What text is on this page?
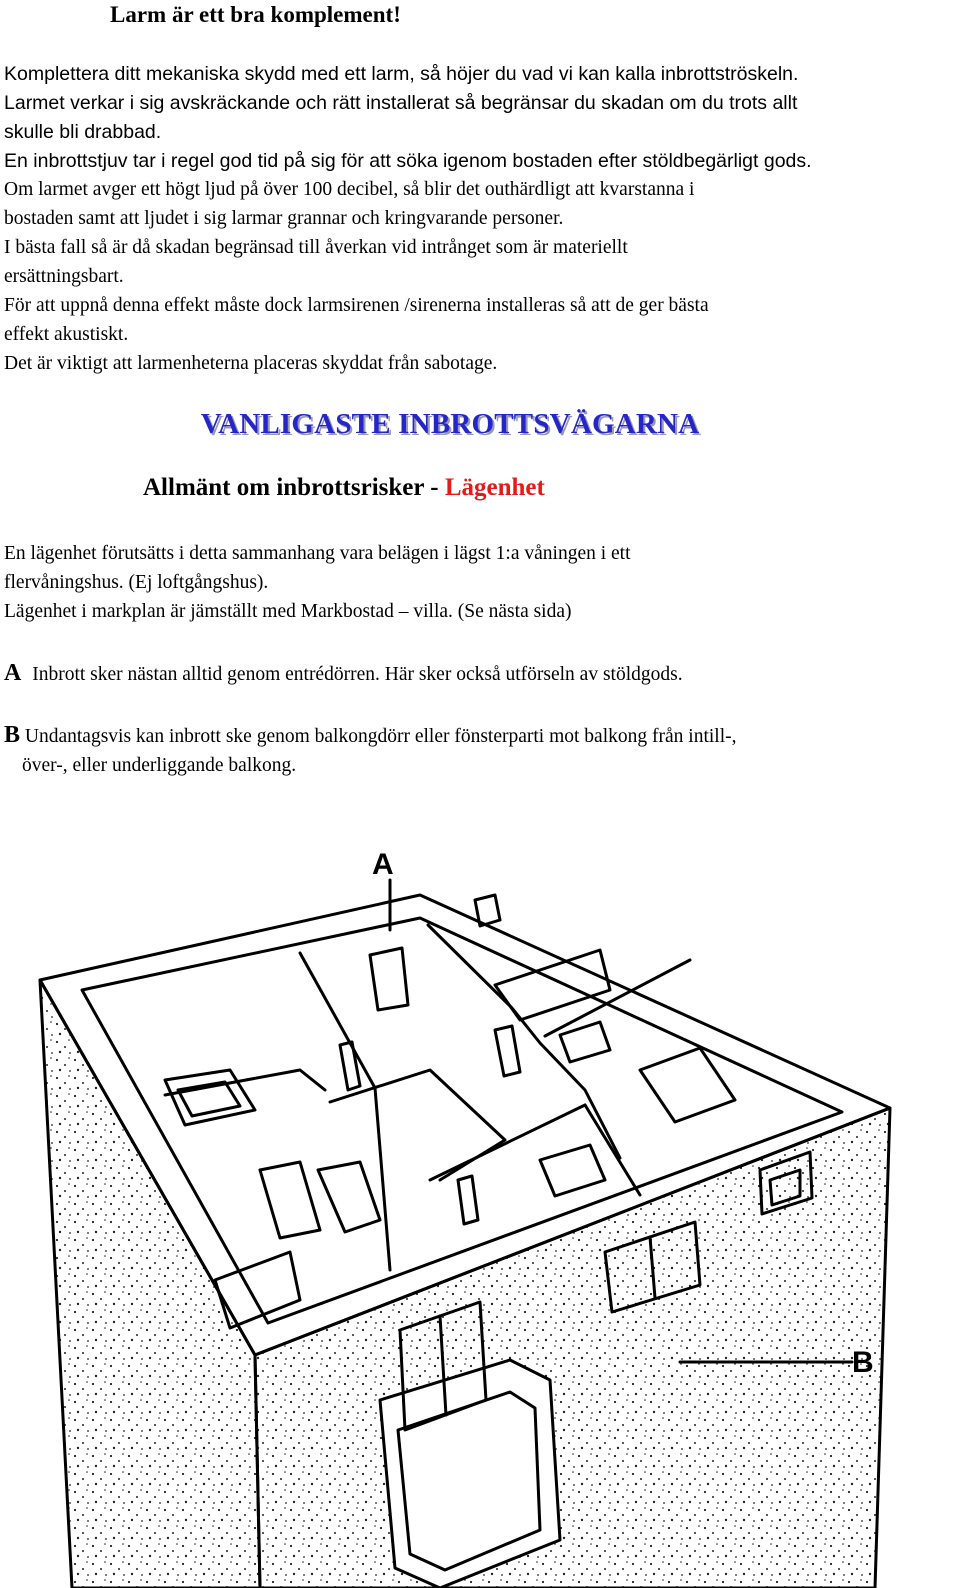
Larm är ett bra komplement!
Komplettera ditt mekaniska skydd med ett larm, så höjer du vad vi kan kalla inbrottströskeln.
Larmet verkar i sig avskräckande och rätt installerat så begränsar du skadan om du trots allt
skulle bli drabbad.
En inbrottstjuv tar i regel god tid på sig för att söka igenom bostaden efter stöldbegärligt gods.
Om larmet avger ett högt ljud på över 100 decibel, så blir det outhärdligt att kvarstanna i
bostaden samt att ljudet i sig larmar grannar och kringvarande personer.
I bästa fall så är då skadan begränsad till åverkan vid intrånget som är materiellt
ersättningsbart.
För att uppnå denna effekt måste dock larmsirenen /sirenerna installeras så att de ger bästa
effekt akustiskt.
Det är viktigt att larmenheterna placeras skyddat från sabotage.
VANLIGASTE INBROTTSVÄGARNA
Allmänt om inbrottsrisker - Lägenhet
En lägenhet förutsätts i detta sammanhang vara belägen i lägst 1:a våningen i ett
flervåningshus. (Ej loftgångshus).
Lägenhet i markplan är jämställt med Markbostad – villa. (Se nästa sida)
A Inbrott sker nästan alltid genom entrédörren. Här sker också utförseln av stöldgods.
B Undantagsvis kan inbrott ske genom balkongdörr eller fönsterparti mot balkong från intill-,
över-, eller underliggande balkong.
A
B
